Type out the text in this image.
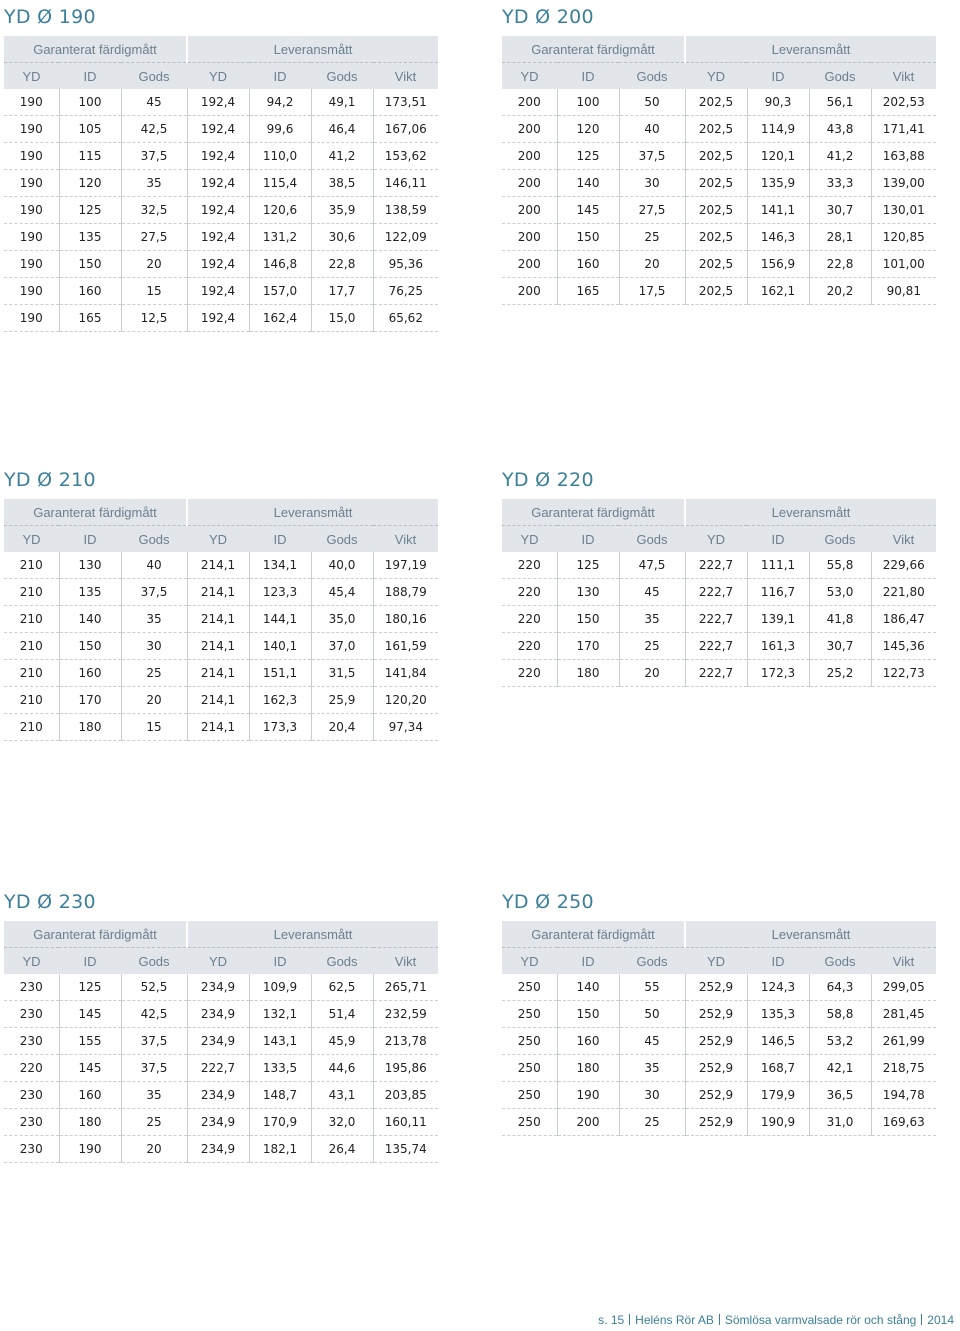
YD Ø 190
Garanterat färdigmått			Leveransmått			
YD	ID	Gods	YD	ID	Gods	Vikt
190	100	45	192,4	94,2	49,1	173,51
190	105	42,5	192,4	99,6	46,4	167,06
190	115	37,5	192,4	110,0	41,2	153,62
190	120	35	192,4	115,4	38,5	146,11
190	125	32,5	192,4	120,6	35,9	138,59
190	135	27,5	192,4	131,2	30,6	122,09
190	150	20	192,4	146,8	22,8	95,36
190	160	15	192,4	157,0	17,7	76,25
190	165	12,5	192,4	162,4	15,0	65,62
YD Ø 200
Garanterat färdigmått			Leveransmått			
YD	ID	Gods	YD	ID	Gods	Vikt
200	100	50	202,5	90,3	56,1	202,53
200	120	40	202,5	114,9	43,8	171,41
200	125	37,5	202,5	120,1	41,2	163,88
200	140	30	202,5	135,9	33,3	139,00
200	145	27,5	202,5	141,1	30,7	130,01
200	150	25	202,5	146,3	28,1	120,85
200	160	20	202,5	156,9	22,8	101,00
200	165	17,5	202,5	162,1	20,2	90,81
YD Ø 210
Garanterat färdigmått			Leveransmått			
YD	ID	Gods	YD	ID	Gods	Vikt
210	130	40	214,1	134,1	40,0	197,19
210	135	37,5	214,1	123,3	45,4	188,79
210	140	35	214,1	144,1	35,0	180,16
210	150	30	214,1	140,1	37,0	161,59
210	160	25	214,1	151,1	31,5	141,84
210	170	20	214,1	162,3	25,9	120,20
210	180	15	214,1	173,3	20,4	97,34
YD Ø 220
Garanterat färdigmått			Leveransmått			
YD	ID	Gods	YD	ID	Gods	Vikt
220	125	47,5	222,7	111,1	55,8	229,66
220	130	45	222,7	116,7	53,0	221,80
220	150	35	222,7	139,1	41,8	186,47
220	170	25	222,7	161,3	30,7	145,36
220	180	20	222,7	172,3	25,2	122,73
YD Ø 230
Garanterat färdigmått			Leveransmått			
YD	ID	Gods	YD	ID	Gods	Vikt
230	125	52,5	234,9	109,9	62,5	265,71
230	145	42,5	234,9	132,1	51,4	232,59
230	155	37,5	234,9	143,1	45,9	213,78
220	145	37,5	222,7	133,5	44,6	195,86
230	160	35	234,9	148,7	43,1	203,85
230	180	25	234,9	170,9	32,0	160,11
230	190	20	234,9	182,1	26,4	135,74
YD Ø 250
Garanterat färdigmått			Leveransmått			
YD	ID	Gods	YD	ID	Gods	Vikt
250	140	55	252,9	124,3	64,3	299,05
250	150	50	252,9	135,3	58,8	281,45
250	160	45	252,9	146,5	53,2	261,99
250	180	35	252,9	168,7	42,1	218,75
250	190	30	252,9	179,9	36,5	194,78
250	200	25	252,9	190,9	31,0	169,63
s. 15 Heléns Rör AB Sömlösa varmvalsade rör och stång 2014
